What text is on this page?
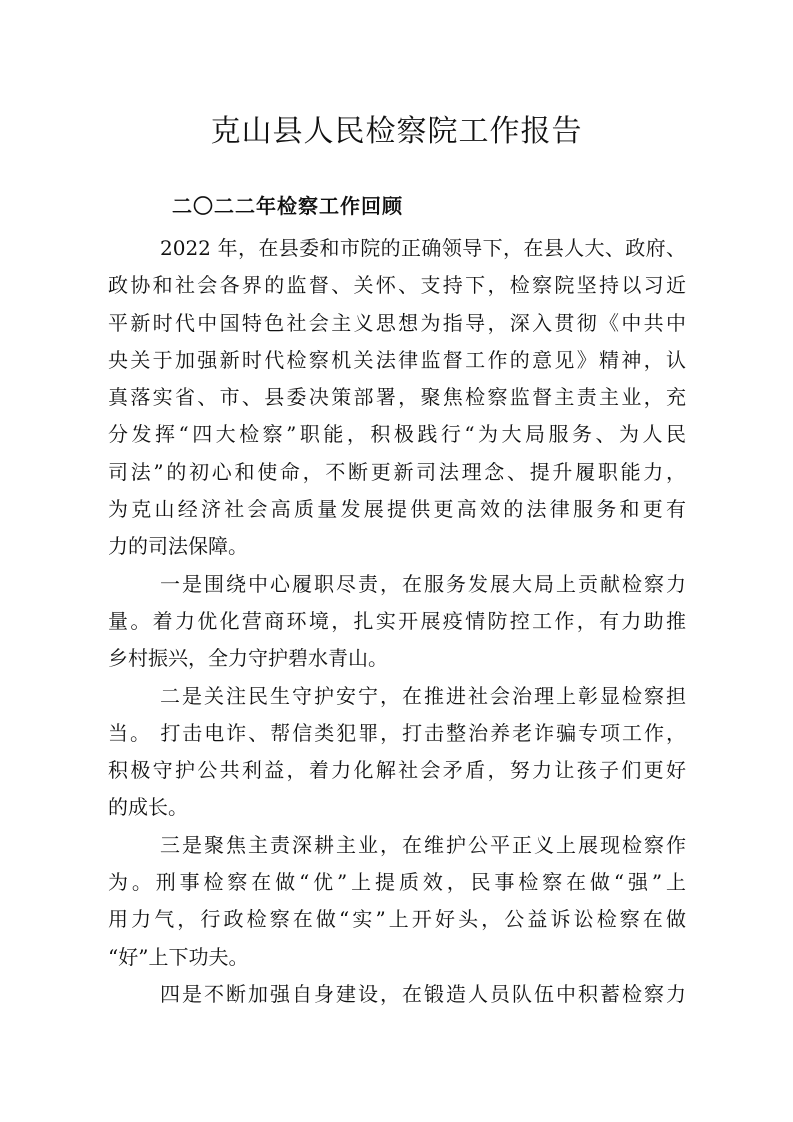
克山县人民检察院工作报告
二〇二二年检察工作回顾
2022 年，在县委和市院的正确领导下，在县人大、政府、
政协和社会各界的监督、关怀、支持下，检察院坚持以习近
平新时代中国特色社会主义思想为指导，深入贯彻《中共中
央关于加强新时代检察机关法律监督工作的意见》精神，认
真落实省、市、县委决策部署，聚焦检察监督主责主业，充
分发挥“四大检察”职能，积极践行“为大局服务、为人民
司法”的初心和使命，不断更新司法理念、提升履职能力，
为克山经济社会高质量发展提供更高效的法律服务和更有
力的司法保障。
一是围绕中心履职尽责，在服务发展大局上贡献检察力
量。着力优化营商环境，扎实开展疫情防控工作，有力助推
乡村振兴，全力守护碧水青山。
二是关注民生守护安宁，在推进社会治理上彰显检察担
当。 打击电诈、帮信类犯罪，打击整治养老诈骗专项工作，
积极守护公共利益，着力化解社会矛盾，努力让孩子们更好
的成长。
三是聚焦主责深耕主业，在维护公平正义上展现检察作
为。刑事检察在做“优”上提质效，民事检察在做“强”上
用力气，行政检察在做“实”上开好头，公益诉讼检察在做
“好”上下功夫。
四是不断加强自身建设，在锻造人员队伍中积蓄检察力
